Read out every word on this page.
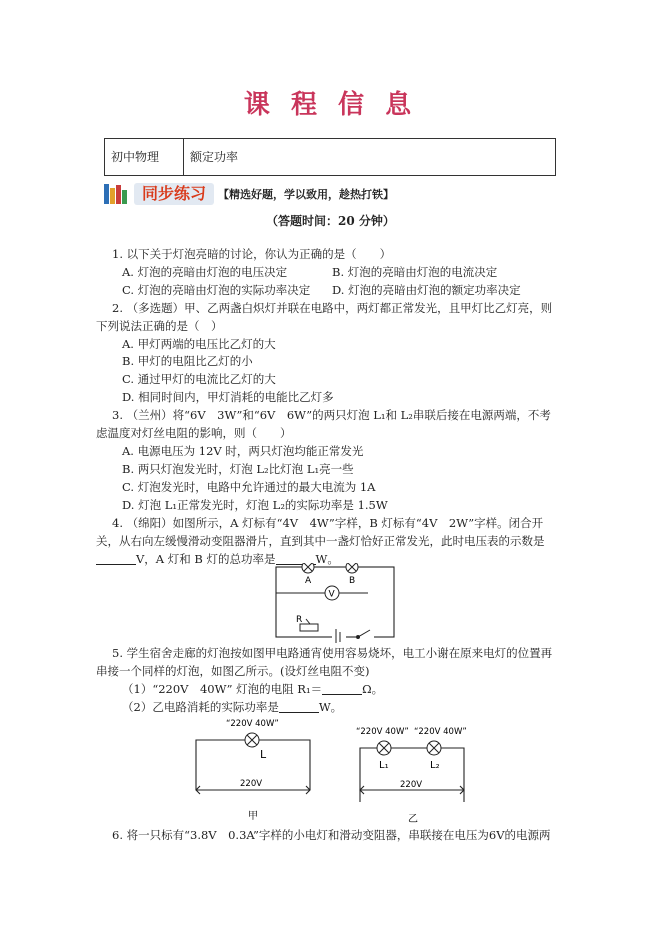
课 程 信 息
初中物理	额定功率
同步练习	【精选好题，学以致用，趁热打铁】
（答题时间：20 分钟）
1. 以下关于灯泡亮暗的讨论，你认为正确的是（　　）
A. 灯泡的亮暗由灯泡的电压决定	B. 灯泡的亮暗由灯泡的电流决定
C. 灯泡的亮暗由灯泡的实际功率决定 D. 灯泡的亮暗由灯泡的额定功率决定
2. （多选题）甲、乙两盏白炽灯并联在电路中，两灯都正常发光，且甲灯比乙灯亮，则
下列说法正确的是（　）
A. 甲灯两端的电压比乙灯的大
B. 甲灯的电阻比乙灯的小
C. 通过甲灯的电流比乙灯的大
D. 相同时间内，甲灯消耗的电能比乙灯多
3. （兰州）将“6V　3W”和“6V　6W”的两只灯泡 L₁和 L₂串联后接在电源两端，不考
虑温度对灯丝电阻的影响，则（　　）
A. 电源电压为 12V 时，两只灯泡均能正常发光
B. 两只灯泡发光时，灯泡 L₂比灯泡 L₁亮一些
C. 灯泡发光时，电路中允许通过的最大电流为 1A
D. 灯泡 L₁正常发光时，灯泡 L₂的实际功率是 1.5W
4. （绵阳）如图所示，A 灯标有“4V　4W”字样，B 灯标有“4V　2W”字样。闭合开
关，从右向左缓慢滑动变阻器滑片，直到其中一盏灯恰好正常发光，此时电压表的示数是
V，A 灯和 B 灯的总功率是	W。
A	B
V
R
5. 学生宿舍走廊的灯泡按如图甲电路通宵使用容易烧坏，电工小谢在原来电灯的位置再
串接一个同样的灯泡，如图乙所示。(设灯丝电阻不变)
（1）“220V　40W” 灯泡的电阻 R₁＝	Ω。
（2）乙电路消耗的实际功率是	W。
“220V 40W”
L
220V
甲
“220V 40W” “220V 40W”
L₁	L₂
220V
乙
6. 将一只标有“3.8V　0.3A”字样的小电灯和滑动变阻器，串联接在电压为6V的电源两
